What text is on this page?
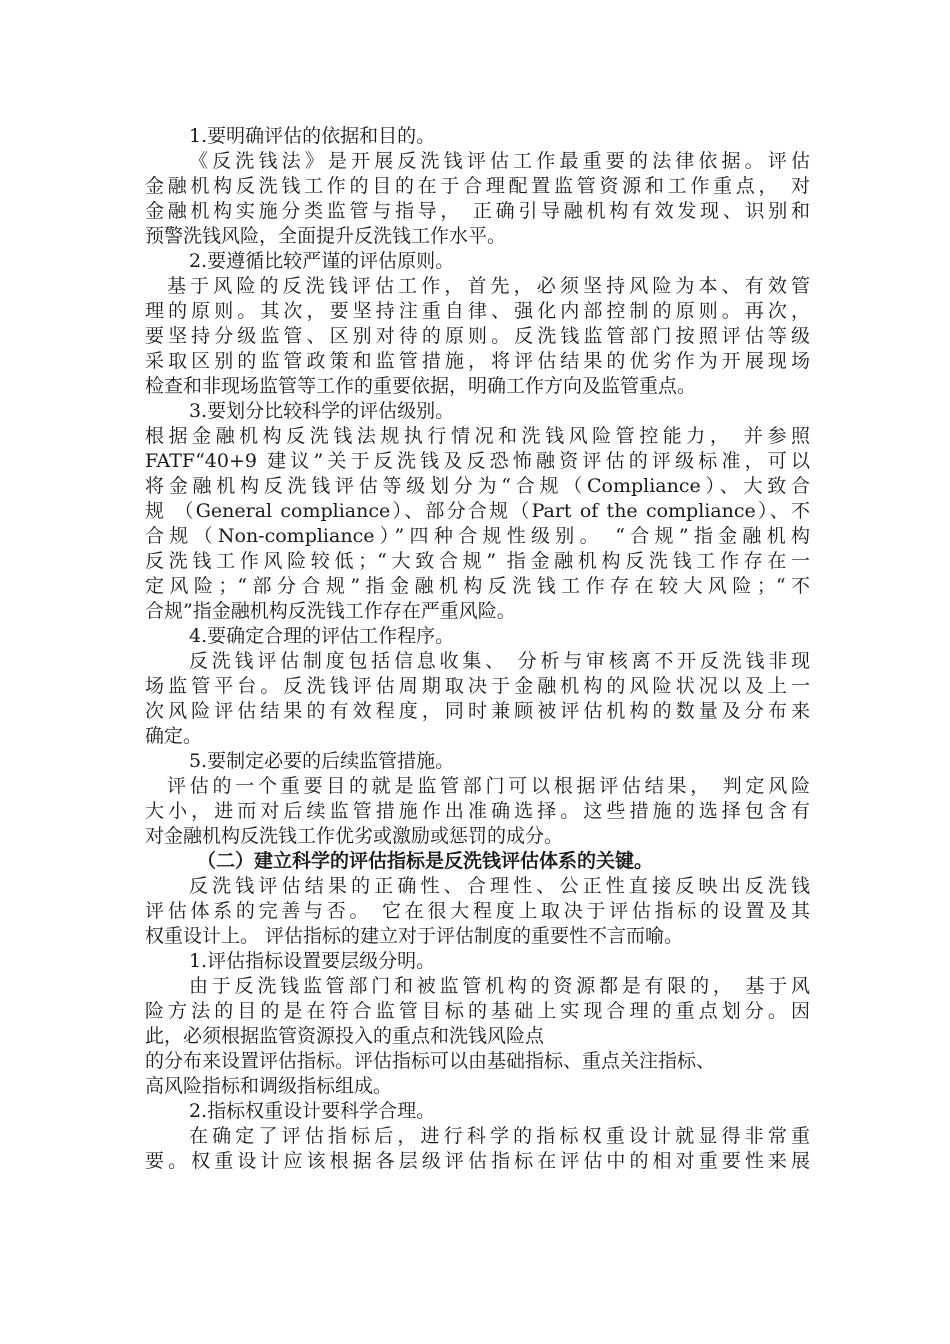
1.要明确评估的依据和目的。
《反洗钱法》是开展反洗钱评估工作最重要的法律依据。评估
金融机构反洗钱工作的目的在于合理配置监管资源和工作重点， 对
金融机构实施分类监管与指导， 正确引导融机构有效发现、识别和
预警洗钱风险，全面提升反洗钱工作水平。
2.要遵循比较严谨的评估原则。
基于风险的反洗钱评估工作，首先，必须坚持风险为本、有效管
理的原则。其次，要坚持注重自律、强化内部控制的原则。再次，
要坚持分级监管、区别对待的原则。反洗钱监管部门按照评估等级
采取区别的监管政策和监管措施，将评估结果的优劣作为开展现场
检查和非现场监管等工作的重要依据，明确工作方向及监管重点。
3.要划分比较科学的评估级别。
根据金融机构反洗钱法规执行情况和洗钱风险管控能力， 并参照
FATF“40+9 建议”关于反洗钱及反恐怖融资评估的评级标准，可以
将金融机构反洗钱评估等级划分为“合规（Compliance）、大致合
规 （General compliance）、部分合规（Part of the compliance）、不
合规（Non-compliance）”四种合规性级别。 “合规”指金融机构
反洗钱工作风险较低；“大致合规” 指金融机构反洗钱工作存在一
定风险；“部分合规”指金融机构反洗钱工作存在较大风险；“不
合规”指金融机构反洗钱工作存在严重风险。
4.要确定合理的评估工作程序。
反洗钱评估制度包括信息收集、 分析与审核离不开反洗钱非现
场监管平台。反洗钱评估周期取决于金融机构的风险状况以及上一
次风险评估结果的有效程度，同时兼顾被评估机构的数量及分布来
确定。
5.要制定必要的后续监管措施。
评估的一个重要目的就是监管部门可以根据评估结果， 判定风险
大小，进而对后续监管措施作出准确选择。这些措施的选择包含有
对金融机构反洗钱工作优劣或激励或惩罚的成分。
（二）建立科学的评估指标是反洗钱评估体系的关键。
反洗钱评估结果的正确性、合理性、公正性直接反映出反洗钱
评估体系的完善与否。 它在很大程度上取决于评估指标的设置及其
权重设计上。 评估指标的建立对于评估制度的重要性不言而喻。
1.评估指标设置要层级分明。
由于反洗钱监管部门和被监管机构的资源都是有限的， 基于风
险方法的目的是在符合监管目标的基础上实现合理的重点划分。因
此，必须根据监管资源投入的重点和洗钱风险点
的分布来设置评估指标。评估指标可以由基础指标、重点关注指标、
高风险指标和调级指标组成。
2.指标权重设计要科学合理。
在确定了评估指标后，进行科学的指标权重设计就显得非常重
要。权重设计应该根据各层级评估指标在评估中的相对重要性来展
